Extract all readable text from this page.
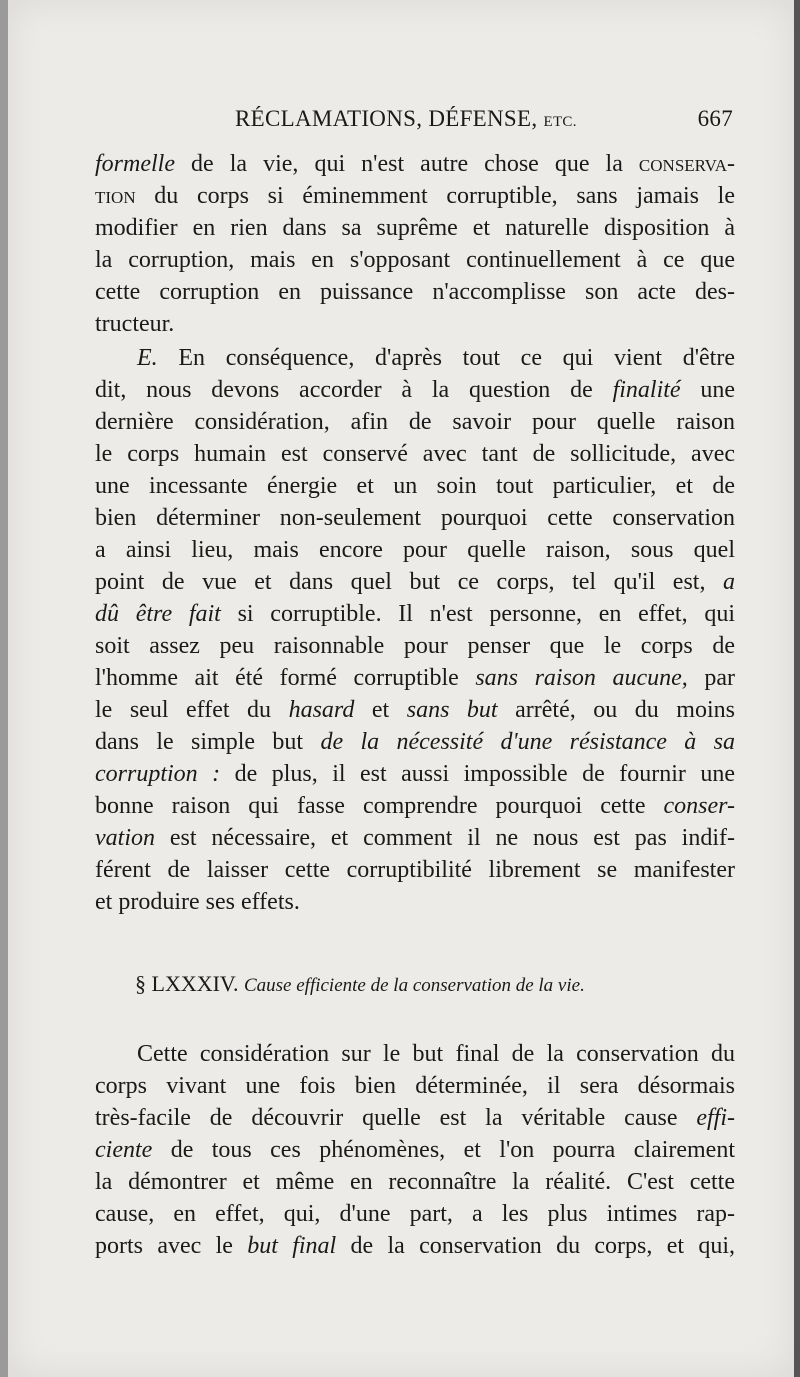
RÉCLAMATIONS, DÉFENSE, ETC.	667
formelle de la vie, qui n'est autre chose que la conserva-
tion du corps si éminemment corruptible, sans jamais le
modifier en rien dans sa suprême et naturelle disposition à
la corruption, mais en s'opposant continuellement à ce que
cette corruption en puissance n'accomplisse son acte des-
tructeur.
E. En conséquence, d'après tout ce qui vient d'être
dit, nous devons accorder à la question de finalité une
dernière considération, afin de savoir pour quelle raison
le corps humain est conservé avec tant de sollicitude, avec
une incessante énergie et un soin tout particulier, et de
bien déterminer non-seulement pourquoi cette conservation
a ainsi lieu, mais encore pour quelle raison, sous quel
point de vue et dans quel but ce corps, tel qu'il est, a
dû être fait si corruptible. Il n'est personne, en effet, qui
soit assez peu raisonnable pour penser que le corps de
l'homme ait été formé corruptible sans raison aucune, par
le seul effet du hasard et sans but arrêté, ou du moins
dans le simple but de la nécessité d'une résistance à sa
corruption : de plus, il est aussi impossible de fournir une
bonne raison qui fasse comprendre pourquoi cette conser-
vation est nécessaire, et comment il ne nous est pas indif-
férent de laisser cette corruptibilité librement se manifester
et produire ses effets.
§ LXXXIV. Cause efficiente de la conservation de la vie.
Cette considération sur le but final de la conservation du
corps vivant une fois bien déterminée, il sera désormais
très-facile de découvrir quelle est la véritable cause effi-
ciente de tous ces phénomènes, et l'on pourra clairement
la démontrer et même en reconnaître la réalité. C'est cette
cause, en effet, qui, d'une part, a les plus intimes rap-
ports avec le but final de la conservation du corps, et qui,
